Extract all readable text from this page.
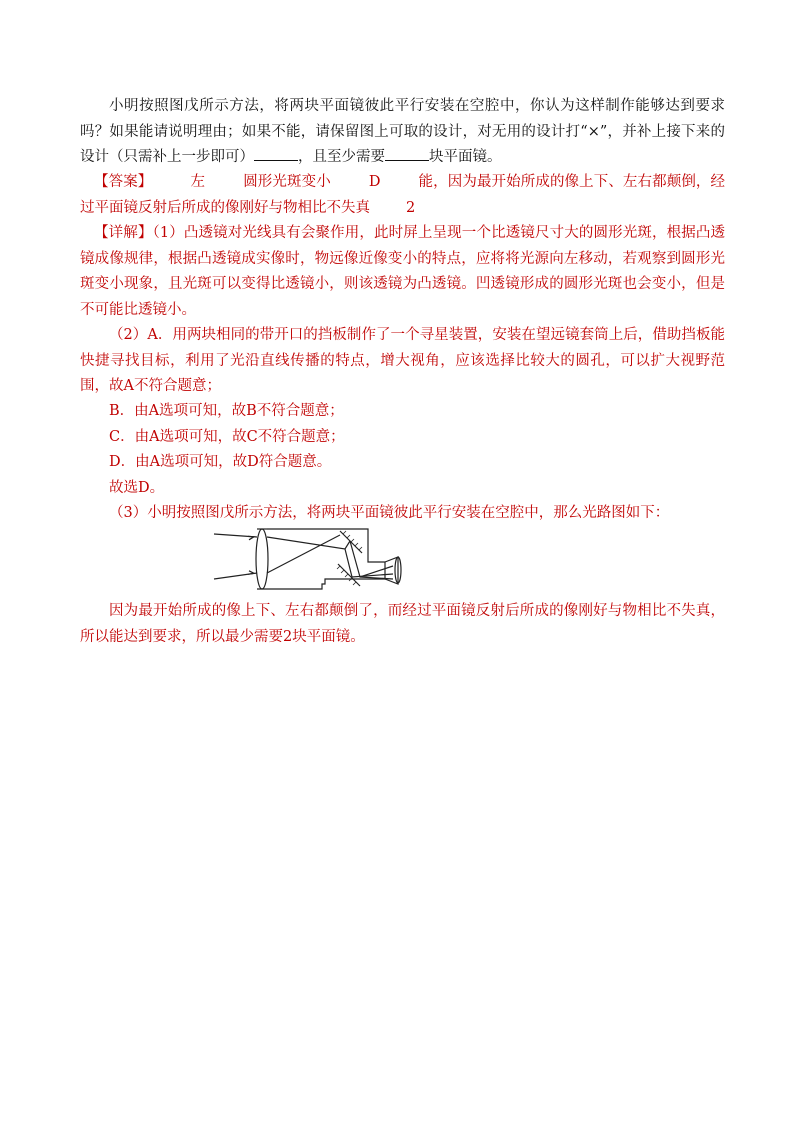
小明按照图戊所示方法，将两块平面镜彼此平行安装在空腔中，你认为这样制作能够达到要求吗？如果能请说明理由；如果不能，请保留图上可取的设计，对无用的设计打“×”，并补上接下来的设计（只需补上一步即可）	，且至少需要	块平面镜。
【答案】	左	圆形光斑变小	D	能，因为最开始所成的像上下、左右都颠倒，经过平面镜反射后所成的像刚好与物相比不失真 2
【详解】（1）凸透镜对光线具有会聚作用，此时屏上呈现一个比透镜尺寸大的圆形光斑，根据凸透镜成像规律，根据凸透镜成实像时，物远像近像变小的特点，应将将光源向左移动，若观察到圆形光斑变小现象，且光斑可以变得比透镜小，则该透镜为凸透镜。凹透镜形成的圆形光斑也会变小，但是不可能比透镜小。
（2）A．用两块相同的带开口的挡板制作了一个寻星装置，安装在望远镜套筒上后，借助挡板能快捷寻找目标，利用了光沿直线传播的特点，增大视角，应该选择比较大的圆孔，可以扩大视野范围，故A不符合题意；
B．由A选项可知，故B不符合题意；
C．由A选项可知，故C不符合题意；
D．由A选项可知，故D符合题意。
故选D。
（3）小明按照图戊所示方法，将两块平面镜彼此平行安装在空腔中，那么光路图如下：
因为最开始所成的像上下、左右都颠倒了，而经过平面镜反射后所成的像刚好与物相比不失真，所以能达到要求，所以最少需要2块平面镜。
